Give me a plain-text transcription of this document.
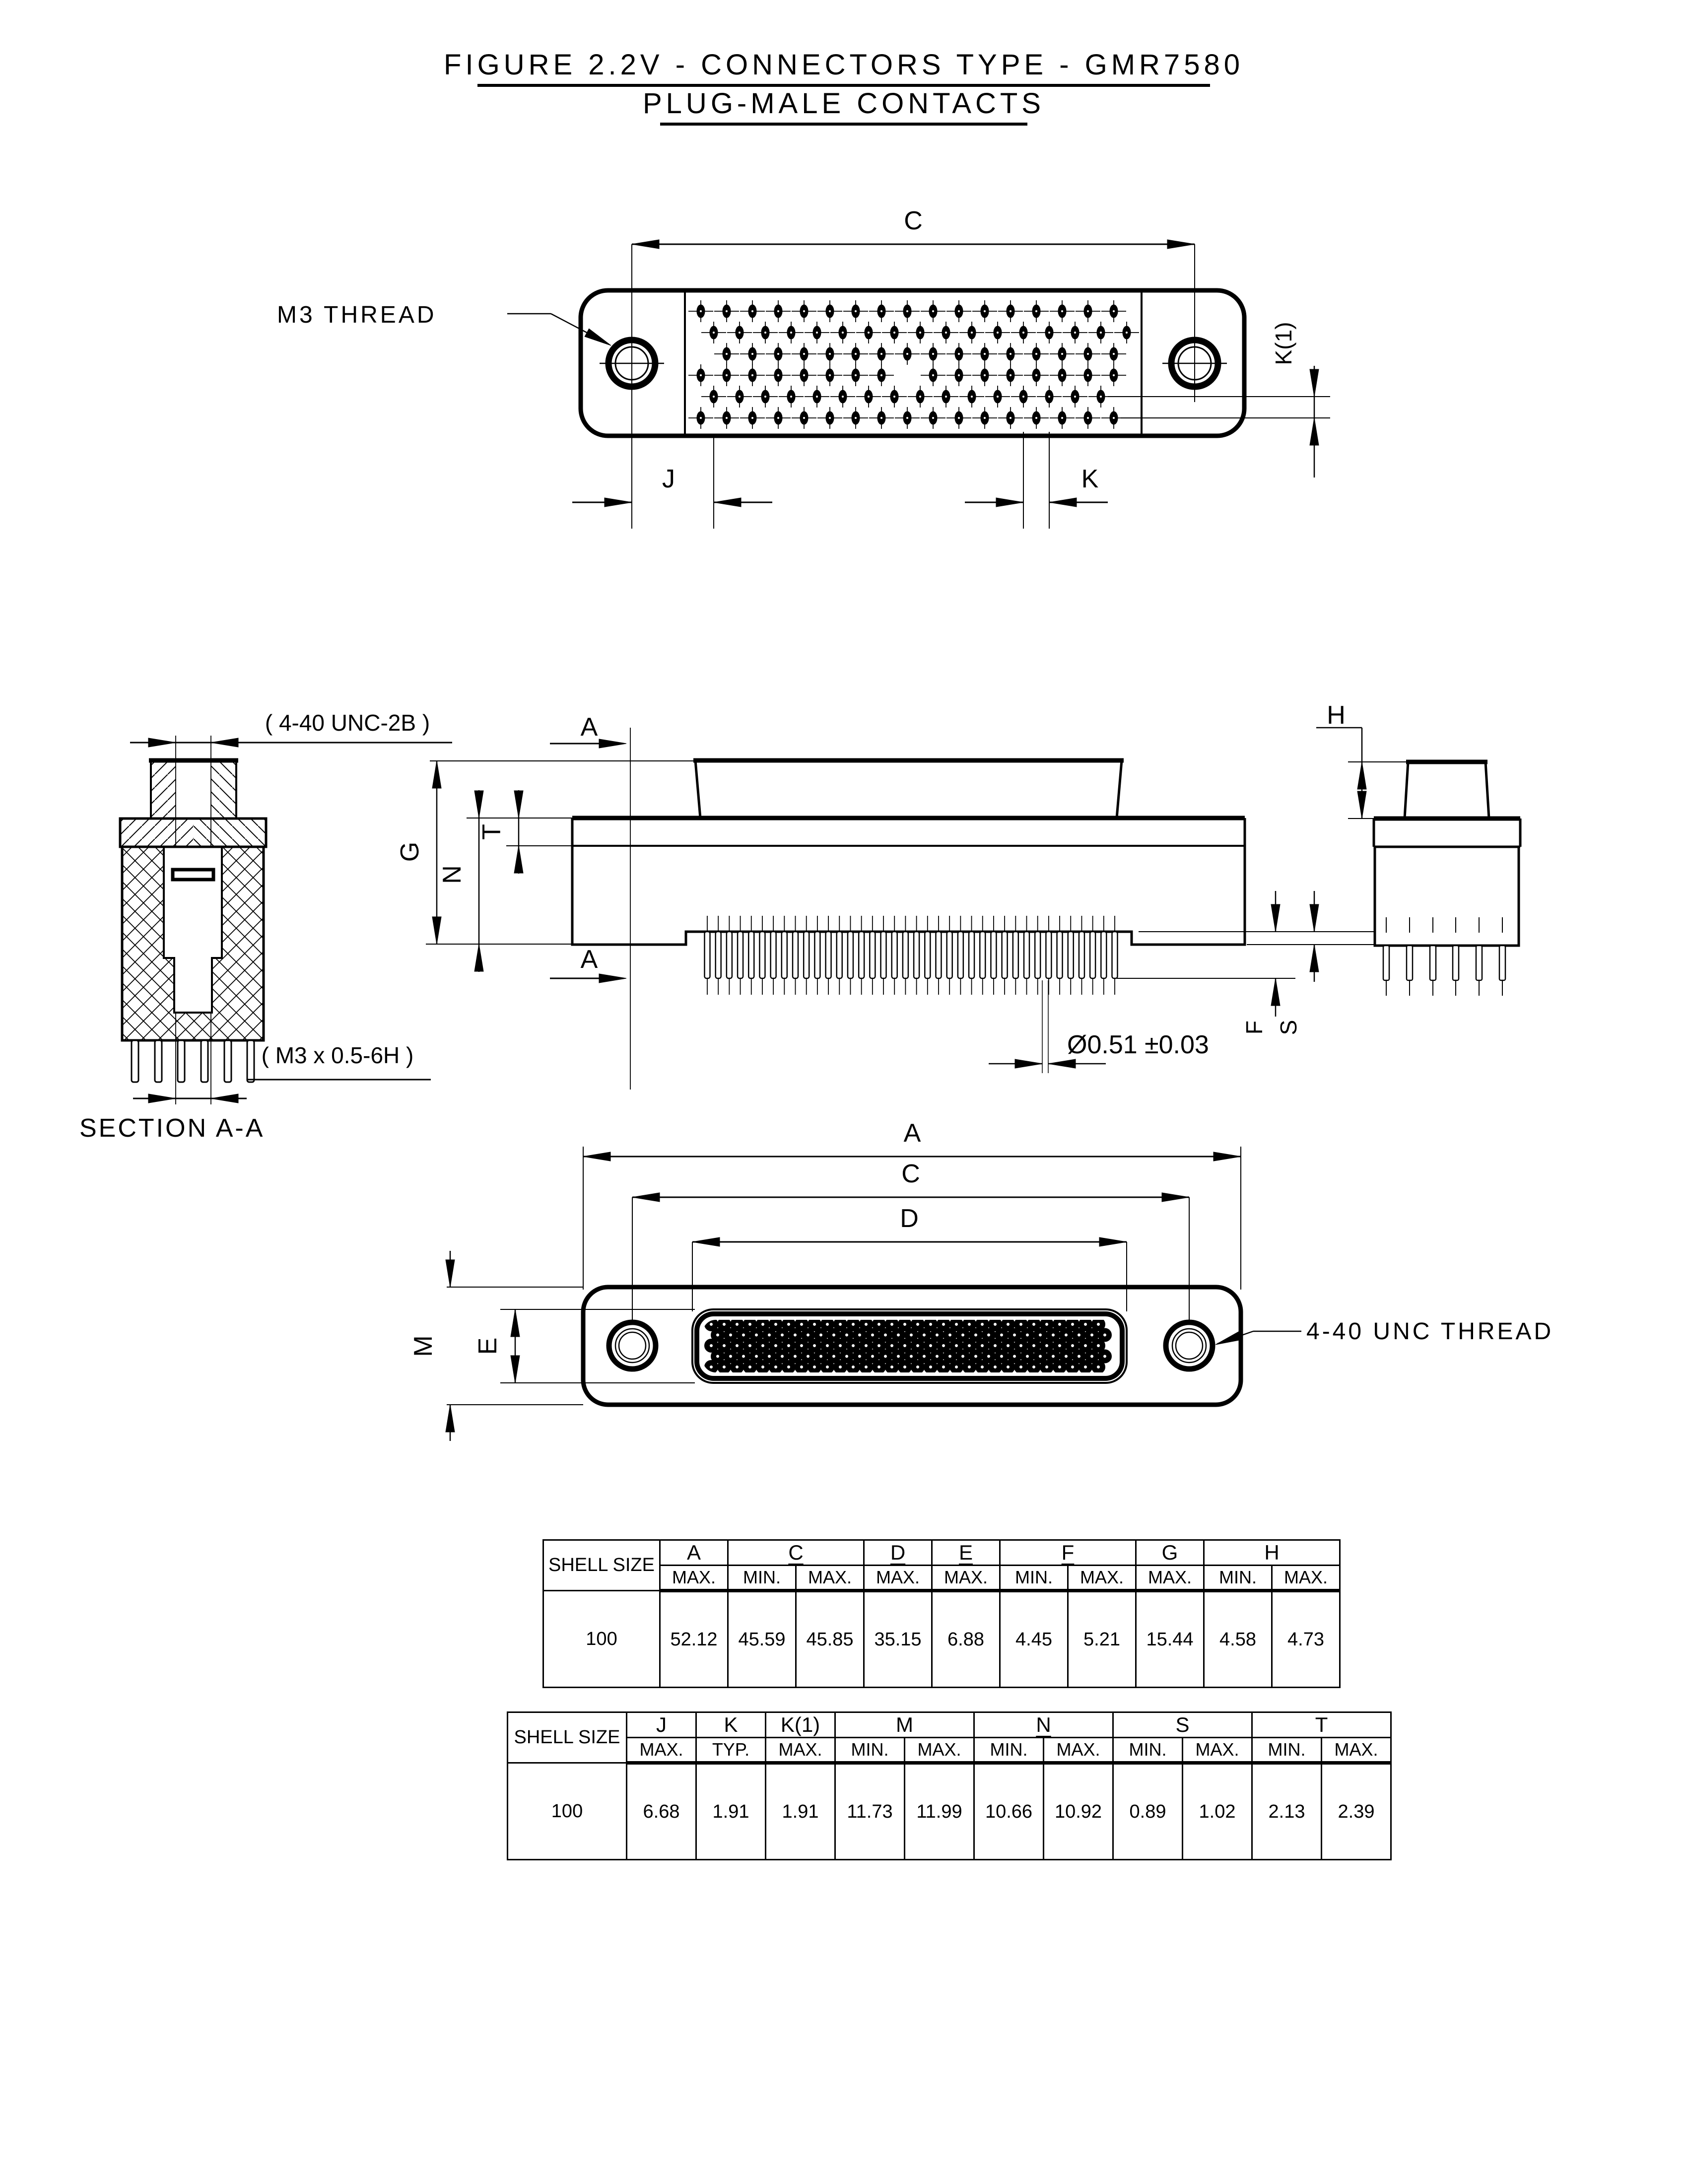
FIGURE 2.2V - CONNECTORS TYPE - GMR7580
PLUG-MALE CONTACTS
C
M3 THREAD
K(1)
J	K
( 4-40 UNC-2B )
( M3 x 0.5-6H )
SECTION A-A
G
N
T
A
A
F S
Ø0.51 ±0.03
H
A
C
D
M E
4-40 UNC THREAD
SHELL SIZE	A	C		D	E	F		G	H	
	MAX.	MIN.	MAX.	MAX.	MAX.	MIN.	MAX.	MAX.	MIN.	MAX.
100	52.12	45.59	45.85	35.15	6.88	4.45	5.21	15.44	4.58	4.73
SHELL SIZE	J	K	K(1)	M		N		S		T	
	MAX.	TYP.	MAX.	MIN.	MAX.	MIN.	MAX.	MIN.	MAX.	MIN.	MAX.
100	6.68	1.91	1.91	11.73	11.99	10.66	10.92	0.89	1.02	2.13	2.39
